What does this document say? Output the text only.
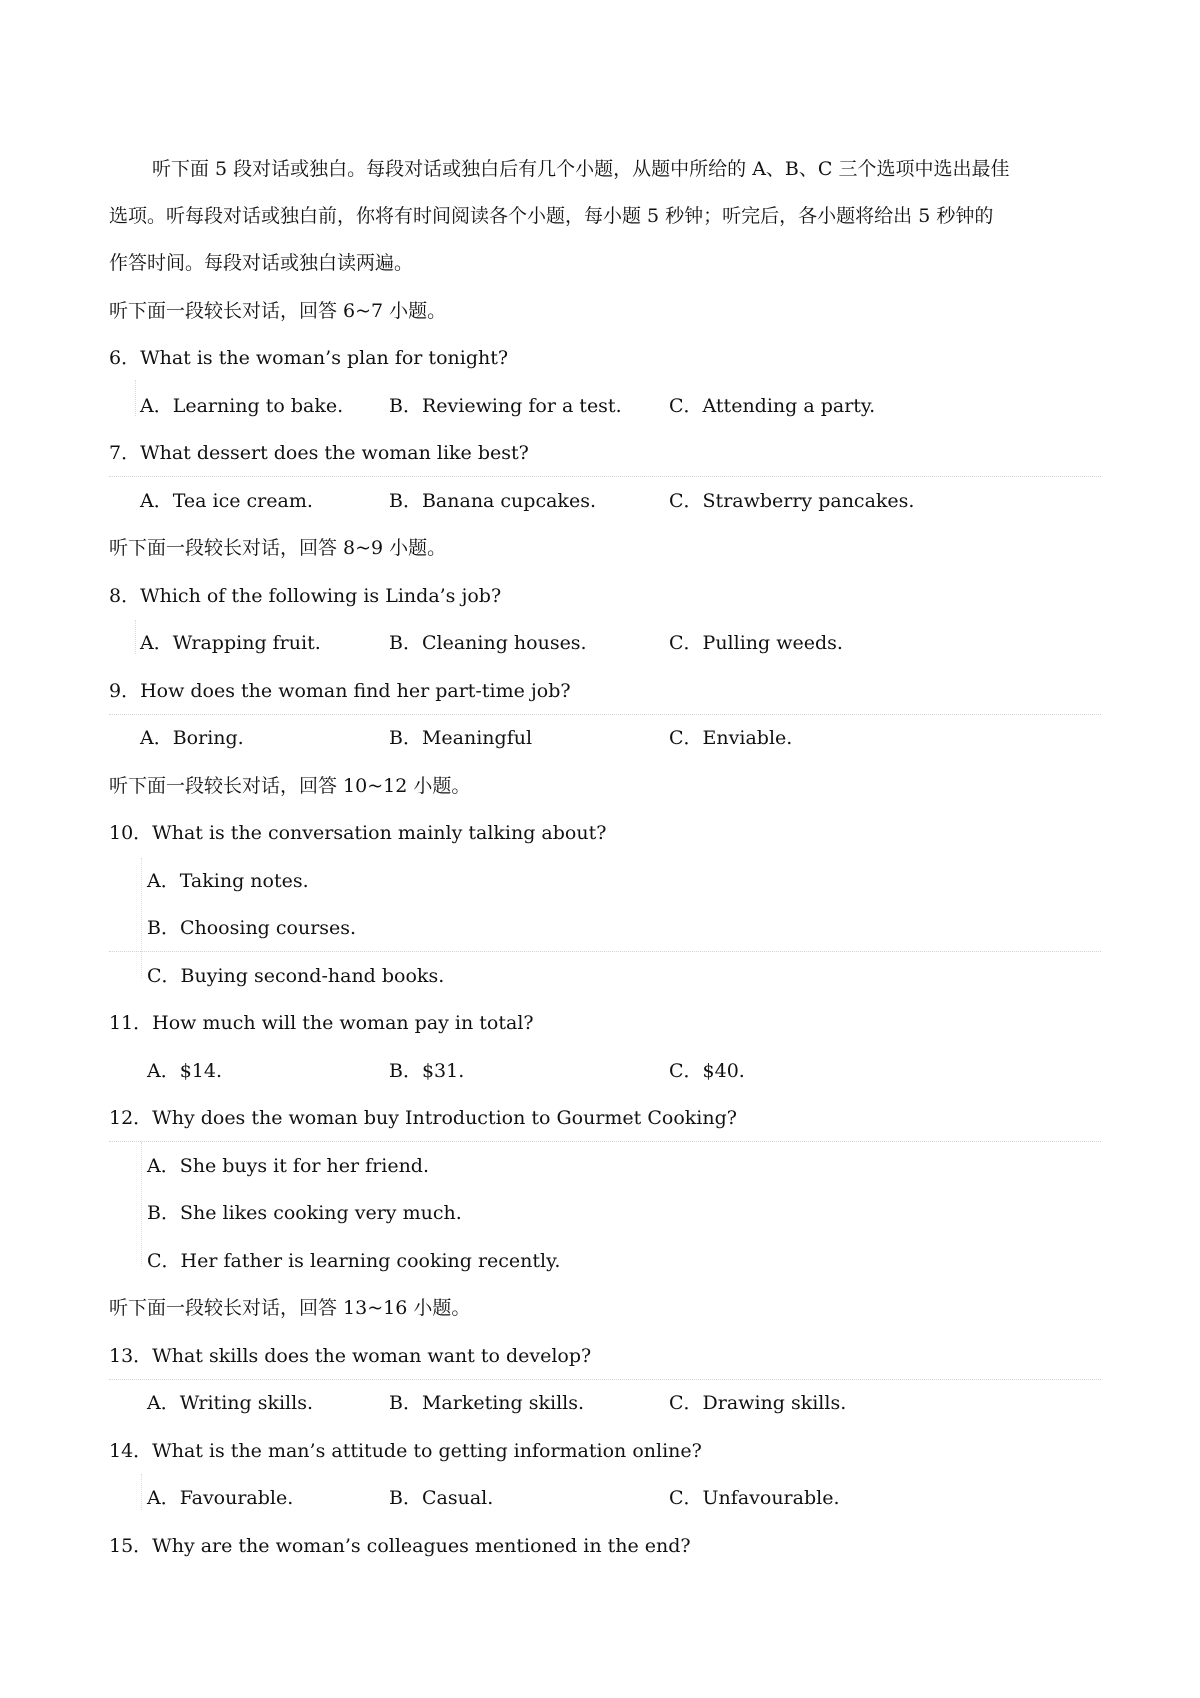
听下面 5 段对话或独白。每段对话或独白后有几个小题，从题中所给的 A、B、C 三个选项中选出最佳
选项。听每段对话或独白前，你将有时间阅读各个小题，每小题 5 秒钟；听完后，各小题将给出 5 秒钟的
作答时间。每段对话或独白读两遍。
听下面一段较长对话，回答 6~7 小题。
6．What is the woman’s plan for tonight?
A．Learning to bake. B．Reviewing for a test. C．Attending a party.
7．What dessert does the woman like best?
A．Tea ice cream.	B．Banana cupcakes.	C．Strawberry pancakes.
听下面一段较长对话，回答 8~9 小题。
8．Which of the following is Linda’s job?
A．Wrapping fruit.	B．Cleaning houses.	C．Pulling weeds.
9．How does the woman find her part-time job?
A．Boring.	B．Meaningful	C．Enviable.
听下面一段较长对话，回答 10~12 小题。
10．What is the conversation mainly talking about?
A．Taking notes.
B．Choosing courses.
C．Buying second-hand books.
11．How much will the woman pay in total?
A．$14.	B．$31.	C．$40.
12．Why does the woman buy Introduction to Gourmet Cooking?
A．She buys it for her friend.
B．She likes cooking very much.
C．Her father is learning cooking recently.
听下面一段较长对话，回答 13~16 小题。
13．What skills does the woman want to develop?
A．Writing skills.	B．Marketing skills.	C．Drawing skills.
14．What is the man’s attitude to getting information online?
A．Favourable.	B．Casual.	C．Unfavourable.
15．Why are the woman’s colleagues mentioned in the end?
